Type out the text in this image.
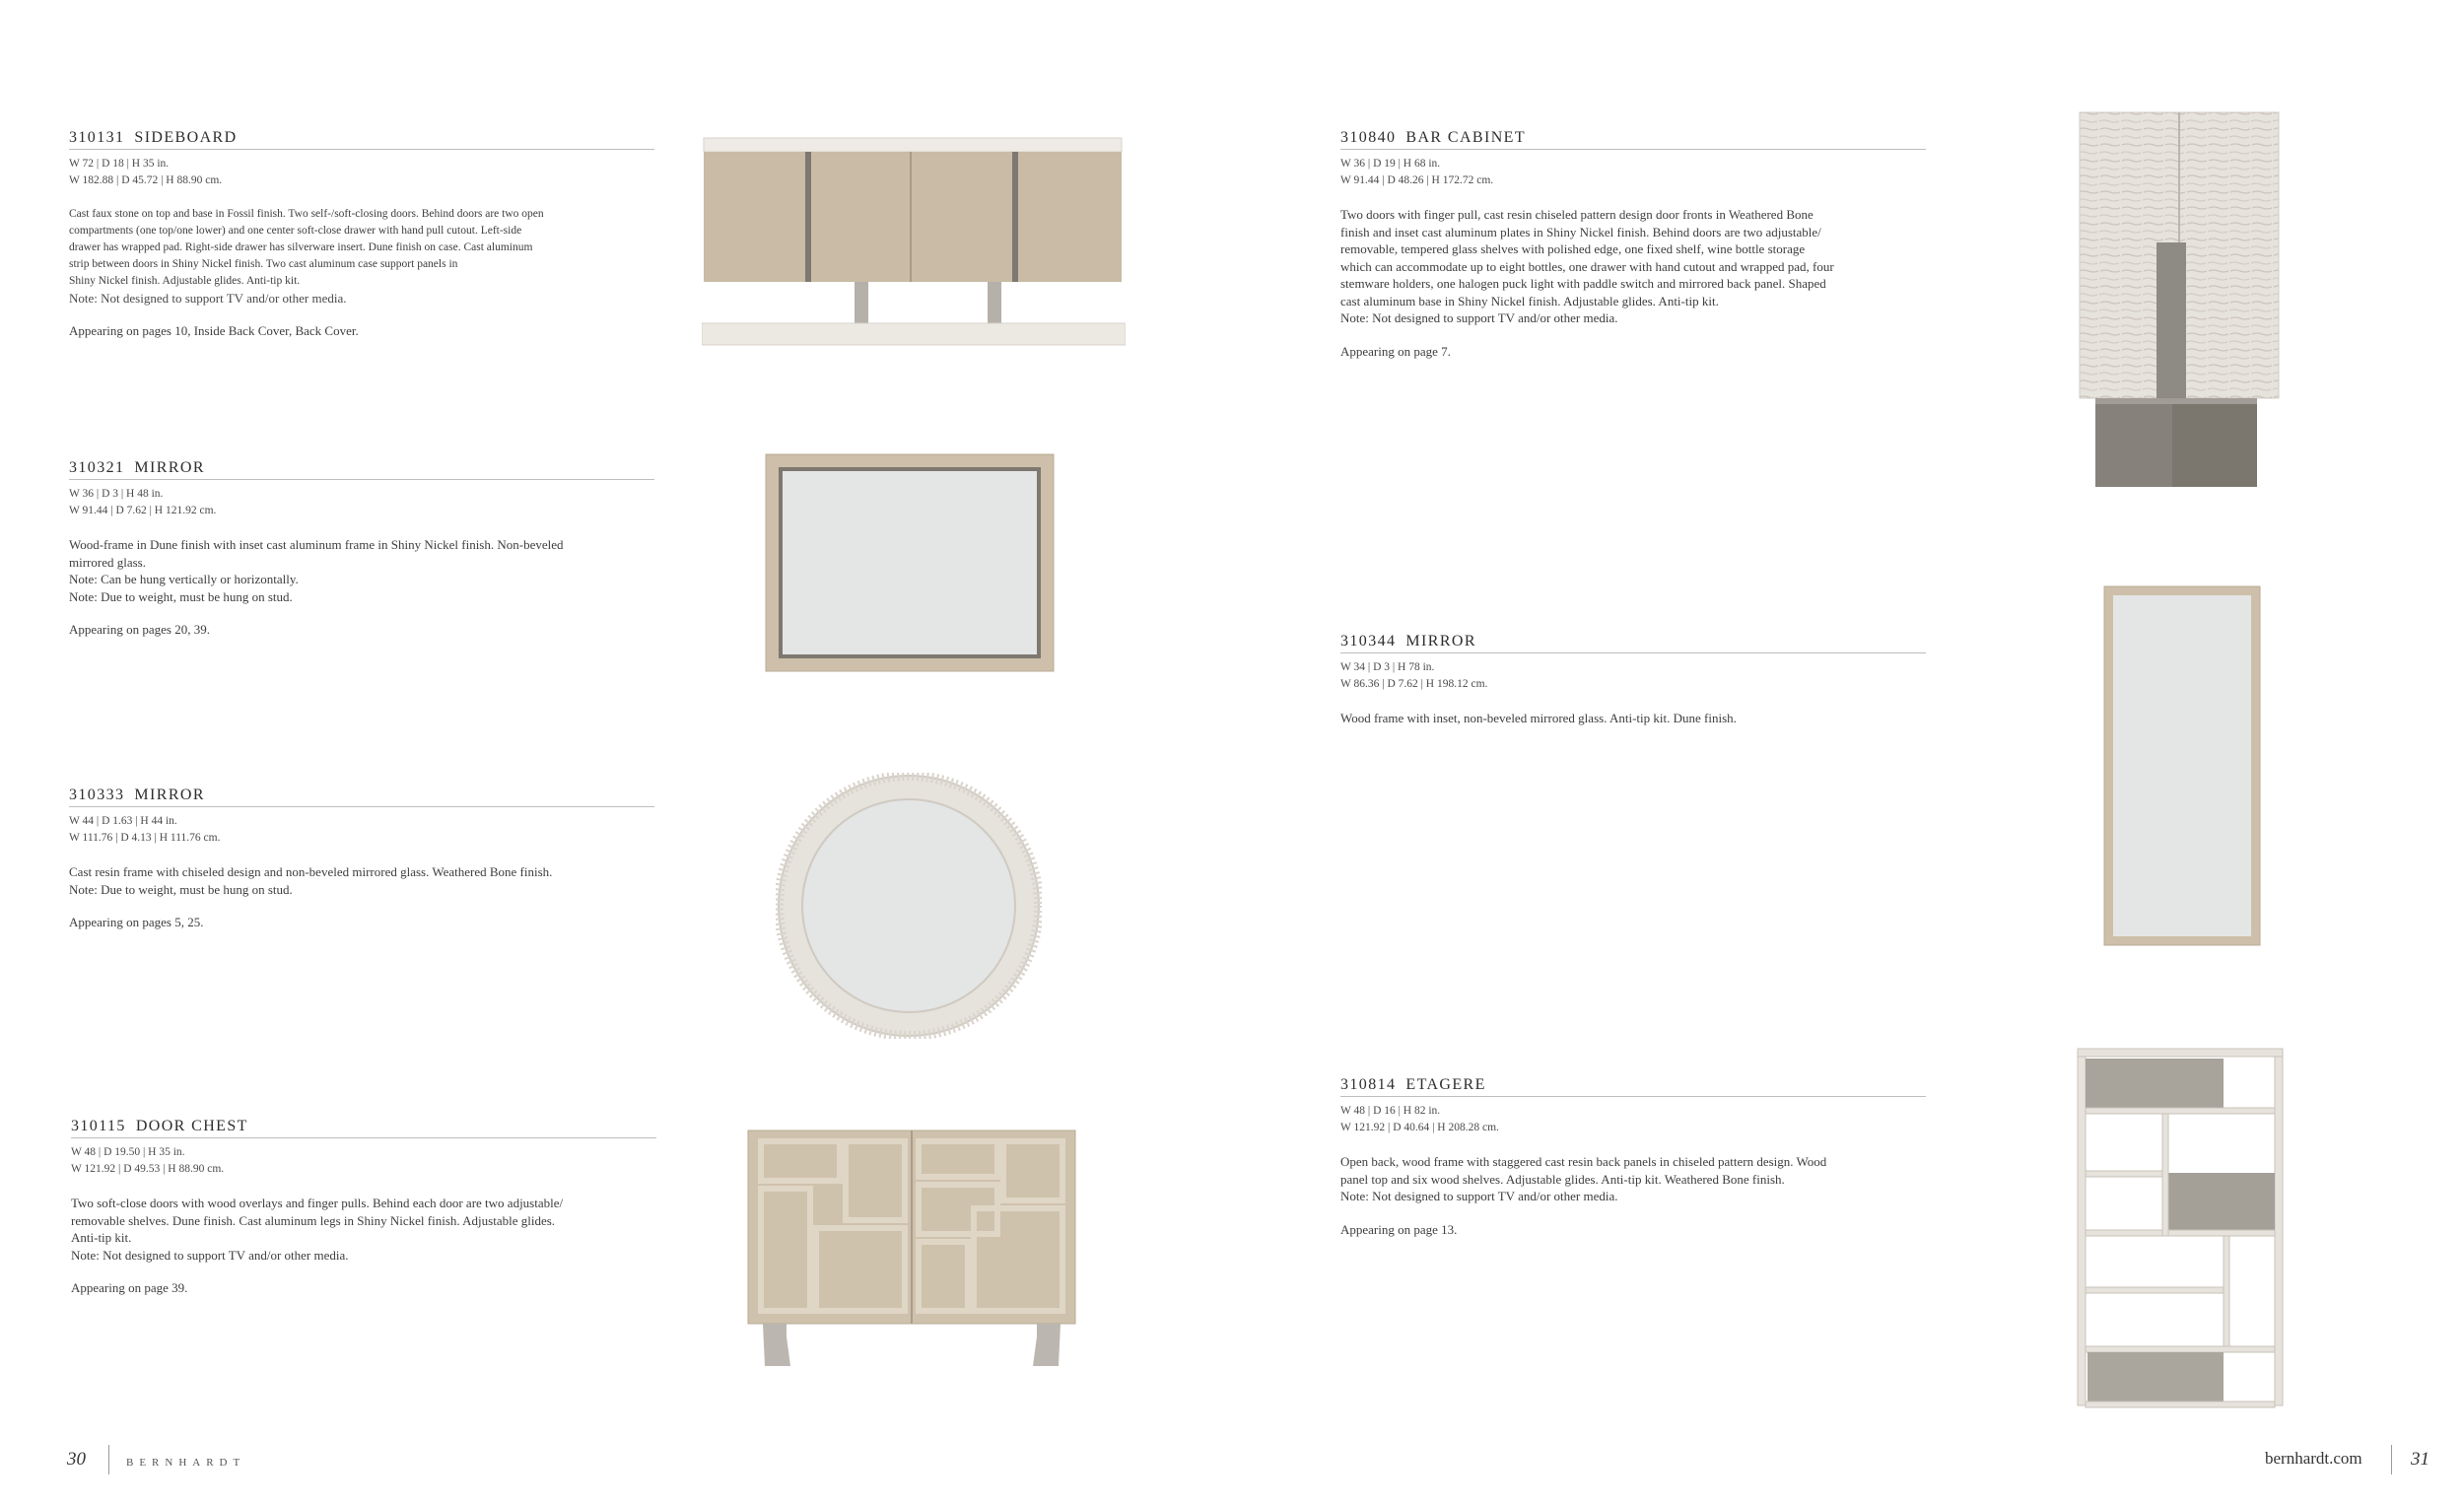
310131 SIDEBOARD
W 72 | D 18 | H 35 in.
W 182.88 | D 45.72 | H 88.90 cm.
Cast faux stone on top and base in Fossil finish. Two self-/soft-closing doors. Behind doors are two open
compartments (one top/one lower) and one center soft-close drawer with hand pull cutout. Left-side
drawer has wrapped pad. Right-side drawer has silverware insert. Dune finish on case. Cast aluminum
strip between doors in Shiny Nickel finish. Two cast aluminum case support panels in
Shiny Nickel finish. Adjustable glides. Anti-tip kit.
Note: Not designed to support TV and/or other media.
Appearing on pages 10, Inside Back Cover, Back Cover.
310321 MIRROR
W 36 | D 3 | H 48 in.
W 91.44 | D 7.62 | H 121.92 cm.
Wood-frame in Dune finish with inset cast aluminum frame in Shiny Nickel finish. Non-beveled
mirrored glass.
Note: Can be hung vertically or horizontally.
Note: Due to weight, must be hung on stud.
Appearing on pages 20, 39.
310333 MIRROR
W 44 | D 1.63 | H 44 in.
W 111.76 | D 4.13 | H 111.76 cm.
Cast resin frame with chiseled design and non-beveled mirrored glass. Weathered Bone finish.
Note: Due to weight, must be hung on stud.
Appearing on pages 5, 25.
310115 DOOR CHEST
W 48 | D 19.50 | H 35 in.
W 121.92 | D 49.53 | H 88.90 cm.
Two soft-close doors with wood overlays and finger pulls. Behind each door are two adjustable/
removable shelves. Dune finish. Cast aluminum legs in Shiny Nickel finish. Adjustable glides.
Anti-tip kit.
Note: Not designed to support TV and/or other media.
Appearing on page 39.
310840 BAR CABINET
W 36 | D 19 | H 68 in.
W 91.44 | D 48.26 | H 172.72 cm.
Two doors with finger pull, cast resin chiseled pattern design door fronts in Weathered Bone
finish and inset cast aluminum plates in Shiny Nickel finish. Behind doors are two adjustable/
removable, tempered glass shelves with polished edge, one fixed shelf, wine bottle storage
which can accommodate up to eight bottles, one drawer with hand cutout and wrapped pad, four
stemware holders, one halogen puck light with paddle switch and mirrored back panel. Shaped
cast aluminum base in Shiny Nickel finish. Adjustable glides. Anti-tip kit.
Note: Not designed to support TV and/or other media.
Appearing on page 7.
310344 MIRROR
W 34 | D 3 | H 78 in.
W 86.36 | D 7.62 | H 198.12 cm.
Wood frame with inset, non-beveled mirrored glass. Anti-tip kit. Dune finish.
310814 ETAGERE
W 48 | D 16 | H 82 in.
W 121.92 | D 40.64 | H 208.28 cm.
Open back, wood frame with staggered cast resin back panels in chiseled pattern design. Wood
panel top and six wood shelves. Adjustable glides. Anti-tip kit. Weathered Bone finish.
Note: Not designed to support TV and/or other media.
Appearing on page 13.
30	BERNHARDT	bernhardt.com	31
